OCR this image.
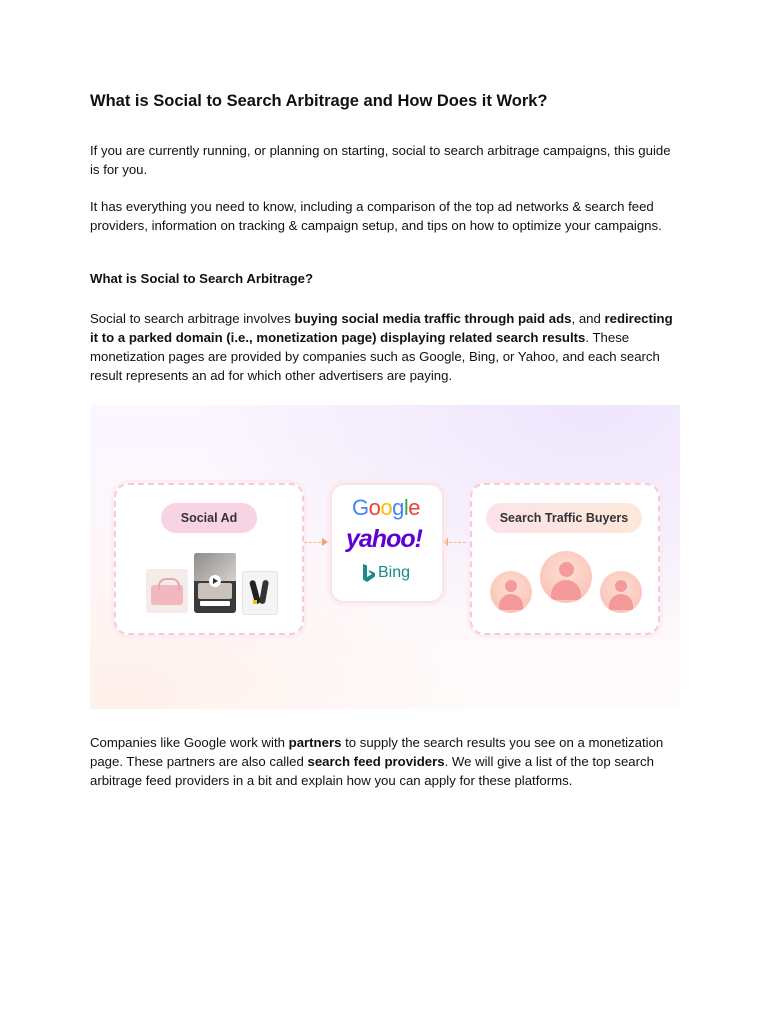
What is Social to Search Arbitrage and How Does it Work?

If you are currently running, or planning on starting, social to search arbitrage campaigns, this guide is for you.

It has everything you need to know, including a comparison of the top ad networks & search feed providers, information on tracking & campaign setup, and tips on how to optimize your campaigns.

What is Social to Search Arbitrage?

Social to search arbitrage involves buying social media traffic through paid ads, and redirecting it to a parked domain (i.e., monetization page) displaying related search results. These monetization pages are provided by companies such as Google, Bing, or Yahoo, and each search result represents an ad for which other advertisers are paying.

Companies like Google work with partners to supply the search results you see on a monetization page. These partners are also called search feed providers. We will give a list of the top search arbitrage feed providers in a bit and explain how you can apply for these platforms.

Social Ad	Google
yahoo!
Bing
Search Traffic Buyers
